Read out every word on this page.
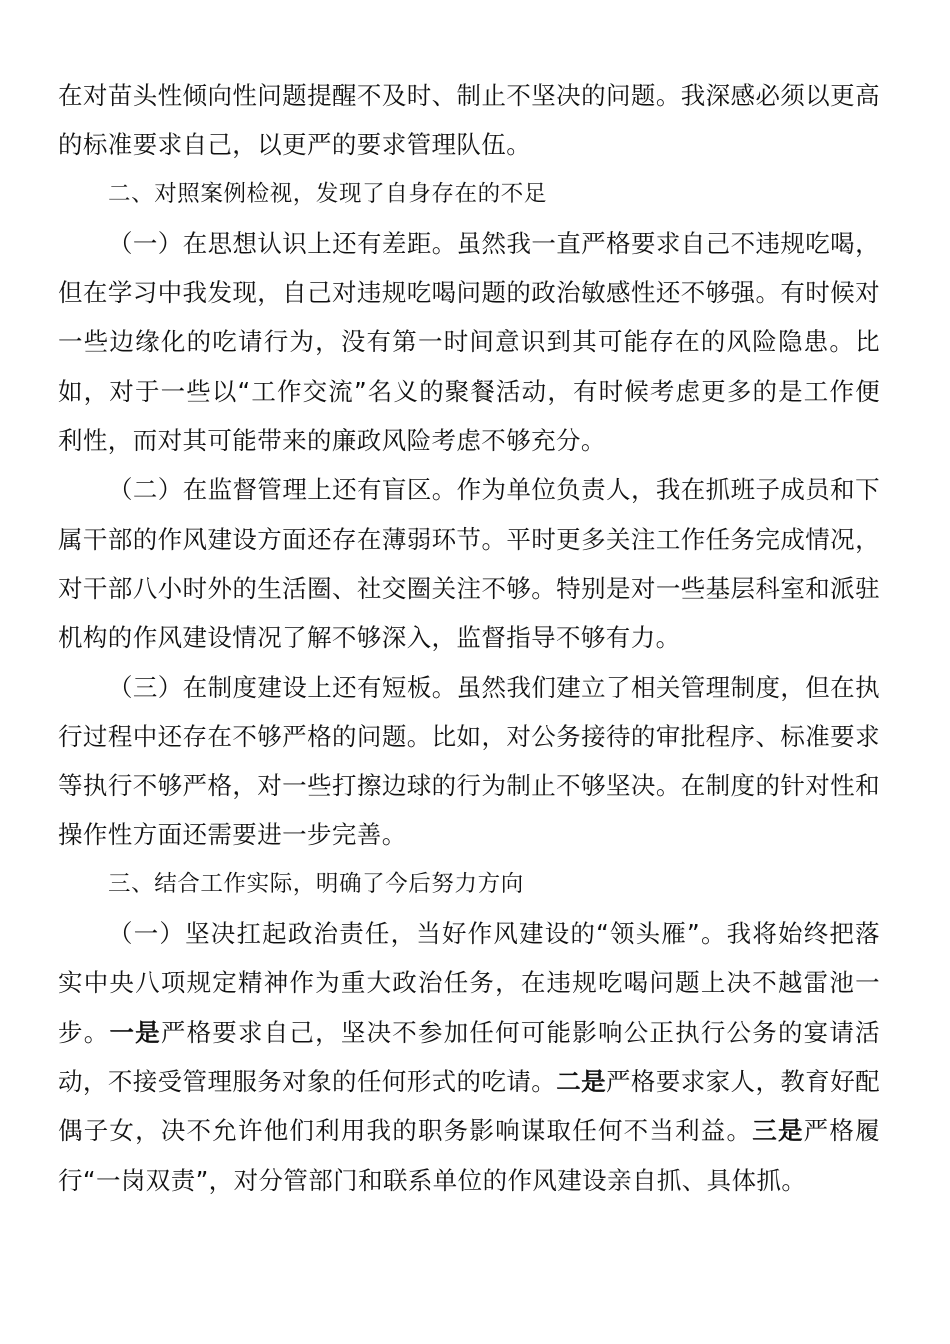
在对苗头性倾向性问题提醒不及时、制止不坚决的问题。我深感必须以更高的标准要求自己，以更严的要求管理队伍。

二、对照案例检视，发现了自身存在的不足

（一）在思想认识上还有差距。虽然我一直严格要求自己不违规吃喝，但在学习中我发现，自己对违规吃喝问题的政治敏感性还不够强。有时候对一些边缘化的吃请行为，没有第一时间意识到其可能存在的风险隐患。比如，对于一些以“工作交流”名义的聚餐活动，有时候考虑更多的是工作便利性，而对其可能带来的廉政风险考虑不够充分。

（二）在监督管理上还有盲区。作为单位负责人，我在抓班子成员和下属干部的作风建设方面还存在薄弱环节。平时更多关注工作任务完成情况，对干部八小时外的生活圈、社交圈关注不够。特别是对一些基层科室和派驻机构的作风建设情况了解不够深入，监督指导不够有力。

（三）在制度建设上还有短板。虽然我们建立了相关管理制度，但在执行过程中还存在不够严格的问题。比如，对公务接待的审批程序、标准要求等执行不够严格，对一些打擦边球的行为制止不够坚决。在制度的针对性和操作性方面还需要进一步完善。

三、结合工作实际，明确了今后努力方向

（一）坚决扛起政治责任，当好作风建设的“领头雁”。我将始终把落实中央八项规定精神作为重大政治任务，在违规吃喝问题上决不越雷池一步。一是严格要求自己，坚决不参加任何可能影响公正执行公务的宴请活动，不接受管理服务对象的任何形式的吃请。二是严格要求家人，教育好配偶子女，决不允许他们利用我的职务影响谋取任何不当利益。三是严格履行“一岗双责”，对分管部门和联系单位的作风建设亲自抓、具体抓。
